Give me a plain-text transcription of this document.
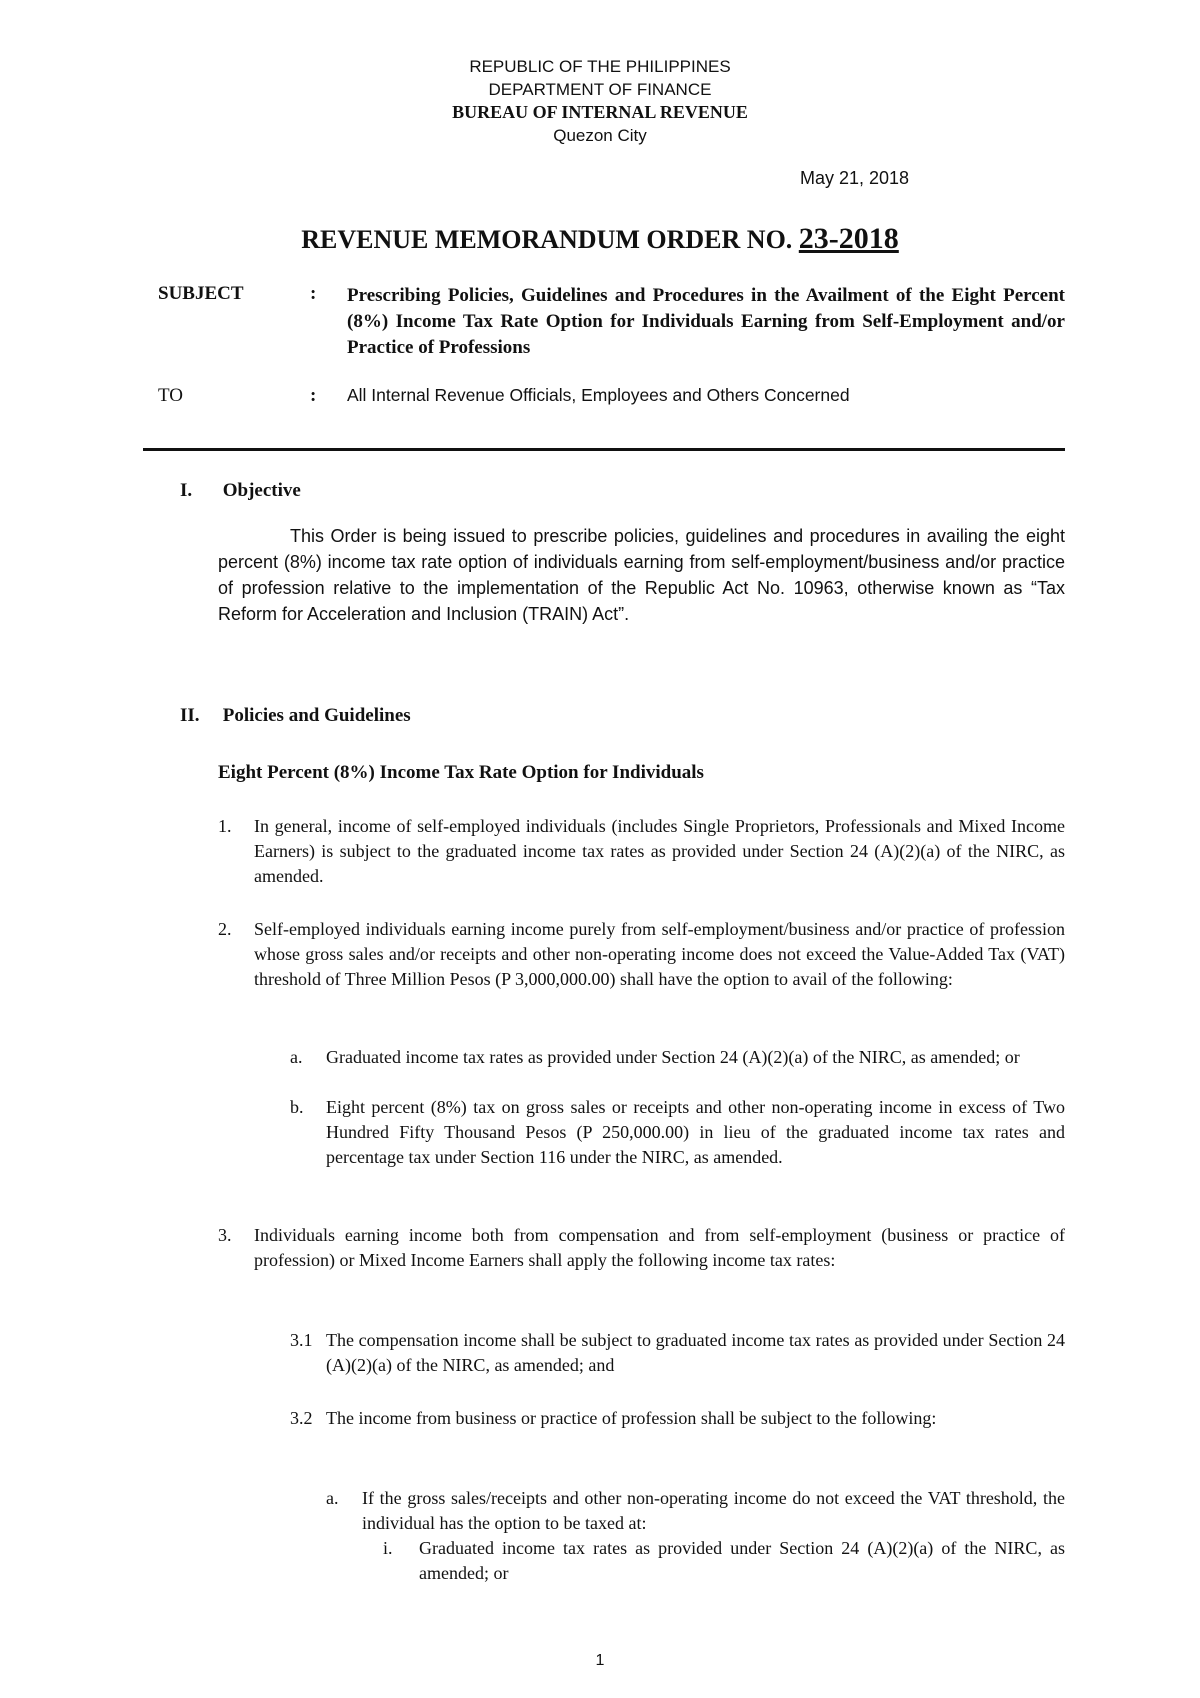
REPUBLIC OF THE PHILIPPINES
DEPARTMENT OF FINANCE
BUREAU OF INTERNAL REVENUE
Quezon City
May 21, 2018
REVENUE MEMORANDUM ORDER NO. 23-2018
SUBJECT	: Prescribing Policies, Guidelines and Procedures in the Availment of the Eight Percent (8%) Income Tax Rate Option for Individuals Earning from Self-Employment and/or Practice of Professions
TO	: All Internal Revenue Officials, Employees and Others Concerned
I. Objective
This Order is being issued to prescribe policies, guidelines and procedures in availing the eight percent (8%) income tax rate option of individuals earning from self-employment/business and/or practice of profession relative to the implementation of the Republic Act No. 10963, otherwise known as “Tax Reform for Acceleration and Inclusion (TRAIN) Act”.
II. Policies and Guidelines
Eight Percent (8%) Income Tax Rate Option for Individuals
1. In general, income of self-employed individuals (includes Single Proprietors, Professionals and Mixed Income Earners) is subject to the graduated income tax rates as provided under Section 24 (A)(2)(a) of the NIRC, as amended.
2. Self-employed individuals earning income purely from self-employment/business and/or practice of profession whose gross sales and/or receipts and other non-operating income does not exceed the Value-Added Tax (VAT) threshold of Three Million Pesos (P 3,000,000.00) shall have the option to avail of the following:
a. Graduated income tax rates as provided under Section 24 (A)(2)(a) of the NIRC, as amended; or
b. Eight percent (8%) tax on gross sales or receipts and other non-operating income in excess of Two Hundred Fifty Thousand Pesos (P 250,000.00) in lieu of the graduated income tax rates and percentage tax under Section 116 under the NIRC, as amended.
3. Individuals earning income both from compensation and from self-employment (business or practice of profession) or Mixed Income Earners shall apply the following income tax rates:
3.1 The compensation income shall be subject to graduated income tax rates as provided under Section 24 (A)(2)(a) of the NIRC, as amended; and
3.2 The income from business or practice of profession shall be subject to the following:
a. If the gross sales/receipts and other non-operating income do not exceed the VAT threshold, the individual has the option to be taxed at:
i. Graduated income tax rates as provided under Section 24 (A)(2)(a) of the NIRC, as amended; or
1
